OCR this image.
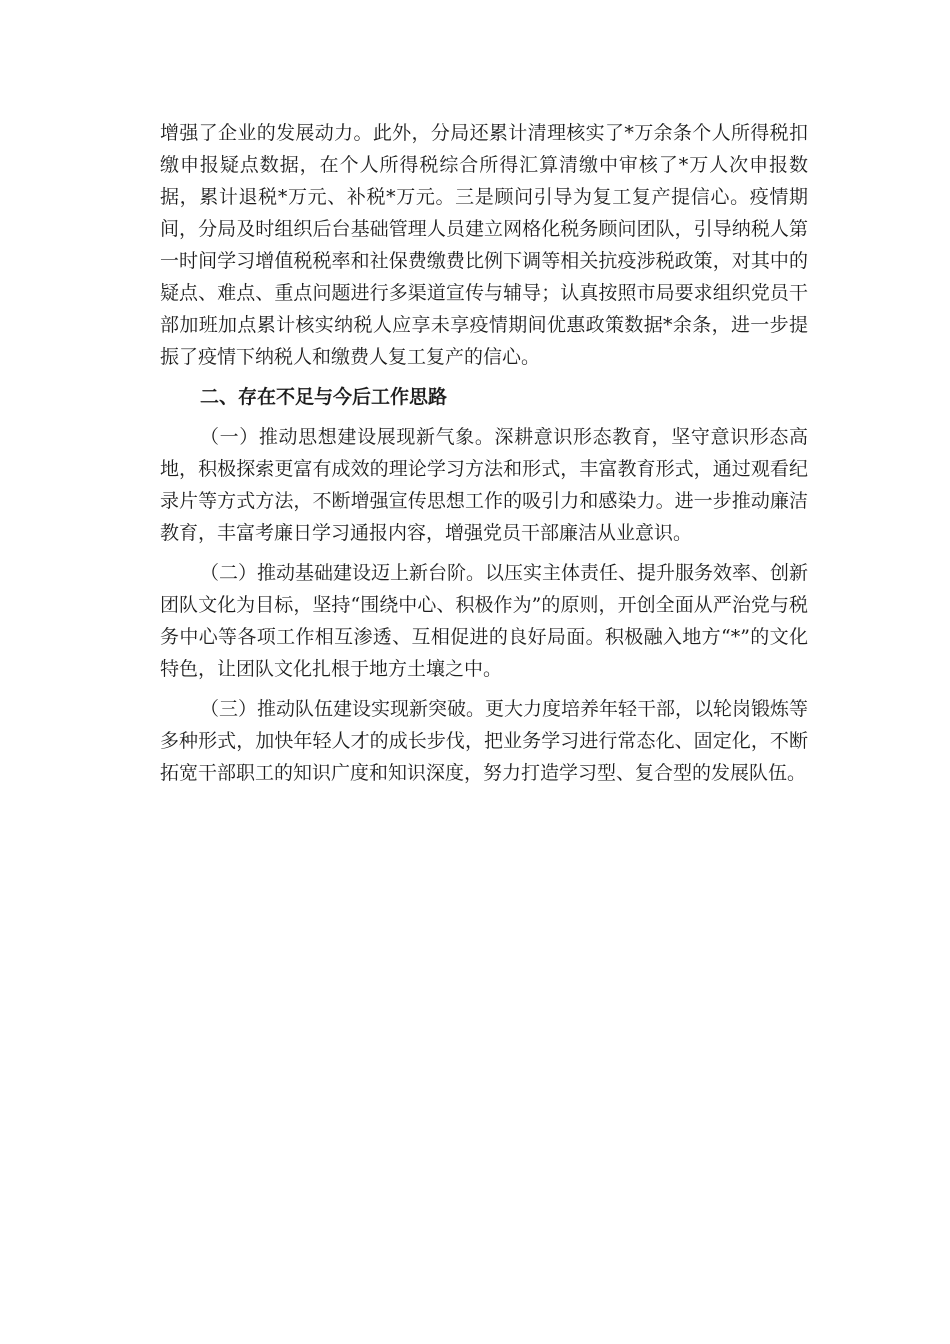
增强了企业的发展动力。此外，分局还累计清理核实了*万余条个人所得税扣缴申报疑点数据，在个人所得税综合所得汇算清缴中审核了*万人次申报数据，累计退税*万元、补税*万元。三是顾问引导为复工复产提信心。疫情期间，分局及时组织后台基础管理人员建立网格化税务顾问团队，引导纳税人第一时间学习增值税税率和社保费缴费比例下调等相关抗疫涉税政策，对其中的疑点、难点、重点问题进行多渠道宣传与辅导；认真按照市局要求组织党员干部加班加点累计核实纳税人应享未享疫情期间优惠政策数据*余条，进一步提振了疫情下纳税人和缴费人复工复产的信心。

二、存在不足与今后工作思路

（一）推动思想建设展现新气象。深耕意识形态教育，坚守意识形态高地，积极探索更富有成效的理论学习方法和形式，丰富教育形式，通过观看纪录片等方式方法，不断增强宣传思想工作的吸引力和感染力。进一步推动廉洁教育，丰富考廉日学习通报内容，增强党员干部廉洁从业意识。

（二）推动基础建设迈上新台阶。以压实主体责任、提升服务效率、创新团队文化为目标，坚持“围绕中心、积极作为”的原则，开创全面从严治党与税务中心等各项工作相互渗透、互相促进的良好局面。积极融入地方“*”的文化特色，让团队文化扎根于地方土壤之中。

（三）推动队伍建设实现新突破。更大力度培养年轻干部，以轮岗锻炼等多种形式，加快年轻人才的成长步伐，把业务学习进行常态化、固定化，不断拓宽干部职工的知识广度和知识深度，努力打造学习型、复合型的发展队伍。
